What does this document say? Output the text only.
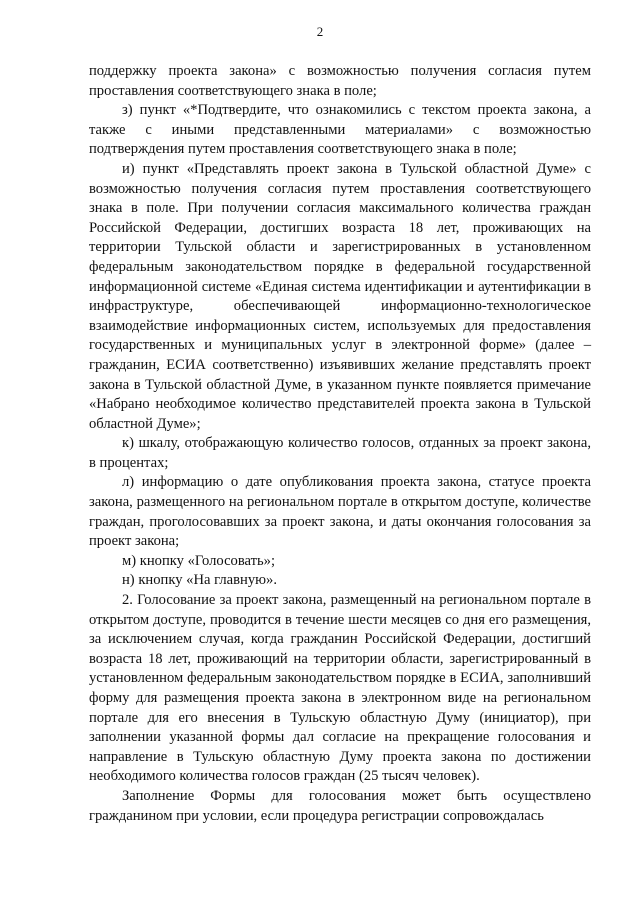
2

поддержку проекта закона» с возможностью получения согласия путем проставления соответствующего знака в поле;

з) пункт «*Подтвердите, что ознакомились с текстом проекта закона, а также с иными представленными материалами» с возможностью подтверждения путем проставления соответствующего знака в поле;

и) пункт «Представлять проект закона в Тульской областной Думе» с возможностью получения согласия путем проставления соответствующего знака в поле. При получении согласия максимального количества граждан Российской Федерации, достигших возраста 18 лет, проживающих на территории Тульской области и зарегистрированных в установленном федеральным законодательством порядке в федеральной государственной информационной системе «Единая система идентификации и аутентификации в инфраструктуре, обеспечивающей информационно-технологическое взаимодействие информационных систем, используемых для предоставления государственных и муниципальных услуг в электронной форме» (далее – гражданин, ЕСИА соответственно) изъявивших желание представлять проект закона в Тульской областной Думе, в указанном пункте появляется примечание «Набрано необходимое количество представителей проекта закона в Тульской областной Думе»;

к) шкалу, отображающую количество голосов, отданных за проект закона, в процентах;

л) информацию о дате опубликования проекта закона, статусе проекта закона, размещенного на региональном портале в открытом доступе, количестве граждан, проголосовавших за проект закона, и даты окончания голосования за проект закона;

м) кнопку «Голосовать»;

н) кнопку «На главную».

2. Голосование за проект закона, размещенный на региональном портале в открытом доступе, проводится в течение шести месяцев со дня его размещения, за исключением случая, когда гражданин Российской Федерации, достигший возраста 18 лет, проживающий на территории области, зарегистрированный в установленном федеральным законодательством порядке в ЕСИА, заполнивший форму для размещения проекта закона в электронном виде на региональном портале для его внесения в Тульскую областную Думу (инициатор), при заполнении указанной формы дал согласие на прекращение голосования и направление в Тульскую областную Думу проекта закона по достижении необходимого количества голосов граждан (25 тысяч человек).

Заполнение Формы для голосования может быть осуществлено гражданином при условии, если процедура регистрации сопровождалась
